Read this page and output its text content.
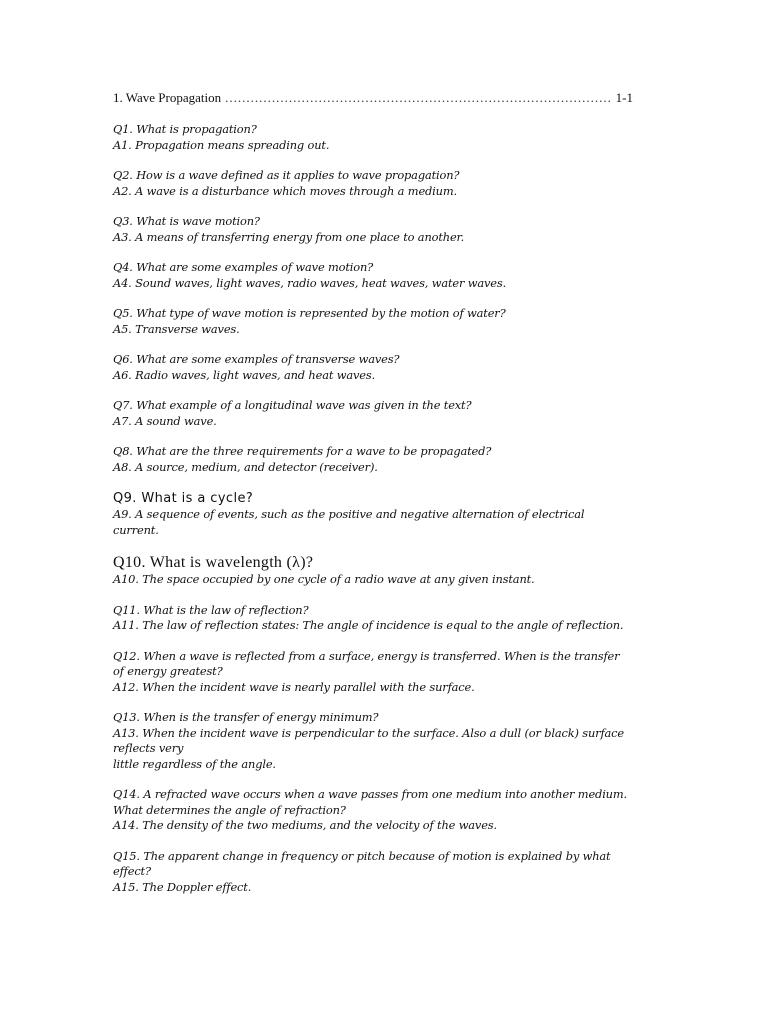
1. Wave Propagation
.....	1-1
Q1. What is propagation?
A1. Propagation means spreading out.
Q2. How is a wave defined as it applies to wave propagation?
A2. A wave is a disturbance which moves through a medium.
Q3. What is wave motion?
A3. A means of transferring energy from one place to another.
Q4. What are some examples of wave motion?
A4. Sound waves, light waves, radio waves, heat waves, water waves.
Q5. What type of wave motion is represented by the motion of water?
A5. Transverse waves.
Q6. What are some examples of transverse waves?
A6. Radio waves, light waves, and heat waves.
Q7. What example of a longitudinal wave was given in the text?
A7. A sound wave.
Q8. What are the three requirements for a wave to be propagated?
A8. A source, medium, and detector (receiver).
Q9. What is a cycle?
A9. A sequence of events, such as the positive and negative alternation of electrical current.
Q10. What is wavelength (λ)?
A10. The space occupied by one cycle of a radio wave at any given instant.
Q11. What is the law of reflection?
A11. The law of reflection states: The angle of incidence is equal to the angle of reflection.
Q12. When a wave is reflected from a surface, energy is transferred. When is the transfer of energy greatest?
A12. When the incident wave is nearly parallel with the surface.
Q13. When is the transfer of energy minimum?
A13. When the incident wave is perpendicular to the surface. Also a dull (or black) surface reflects very
little regardless of the angle.
Q14. A refracted wave occurs when a wave passes from one medium into another medium. What determines the angle of refraction?
A14. The density of the two mediums, and the velocity of the waves.
Q15. The apparent change in frequency or pitch because of motion is explained by what effect?
A15. The Doppler effect.
